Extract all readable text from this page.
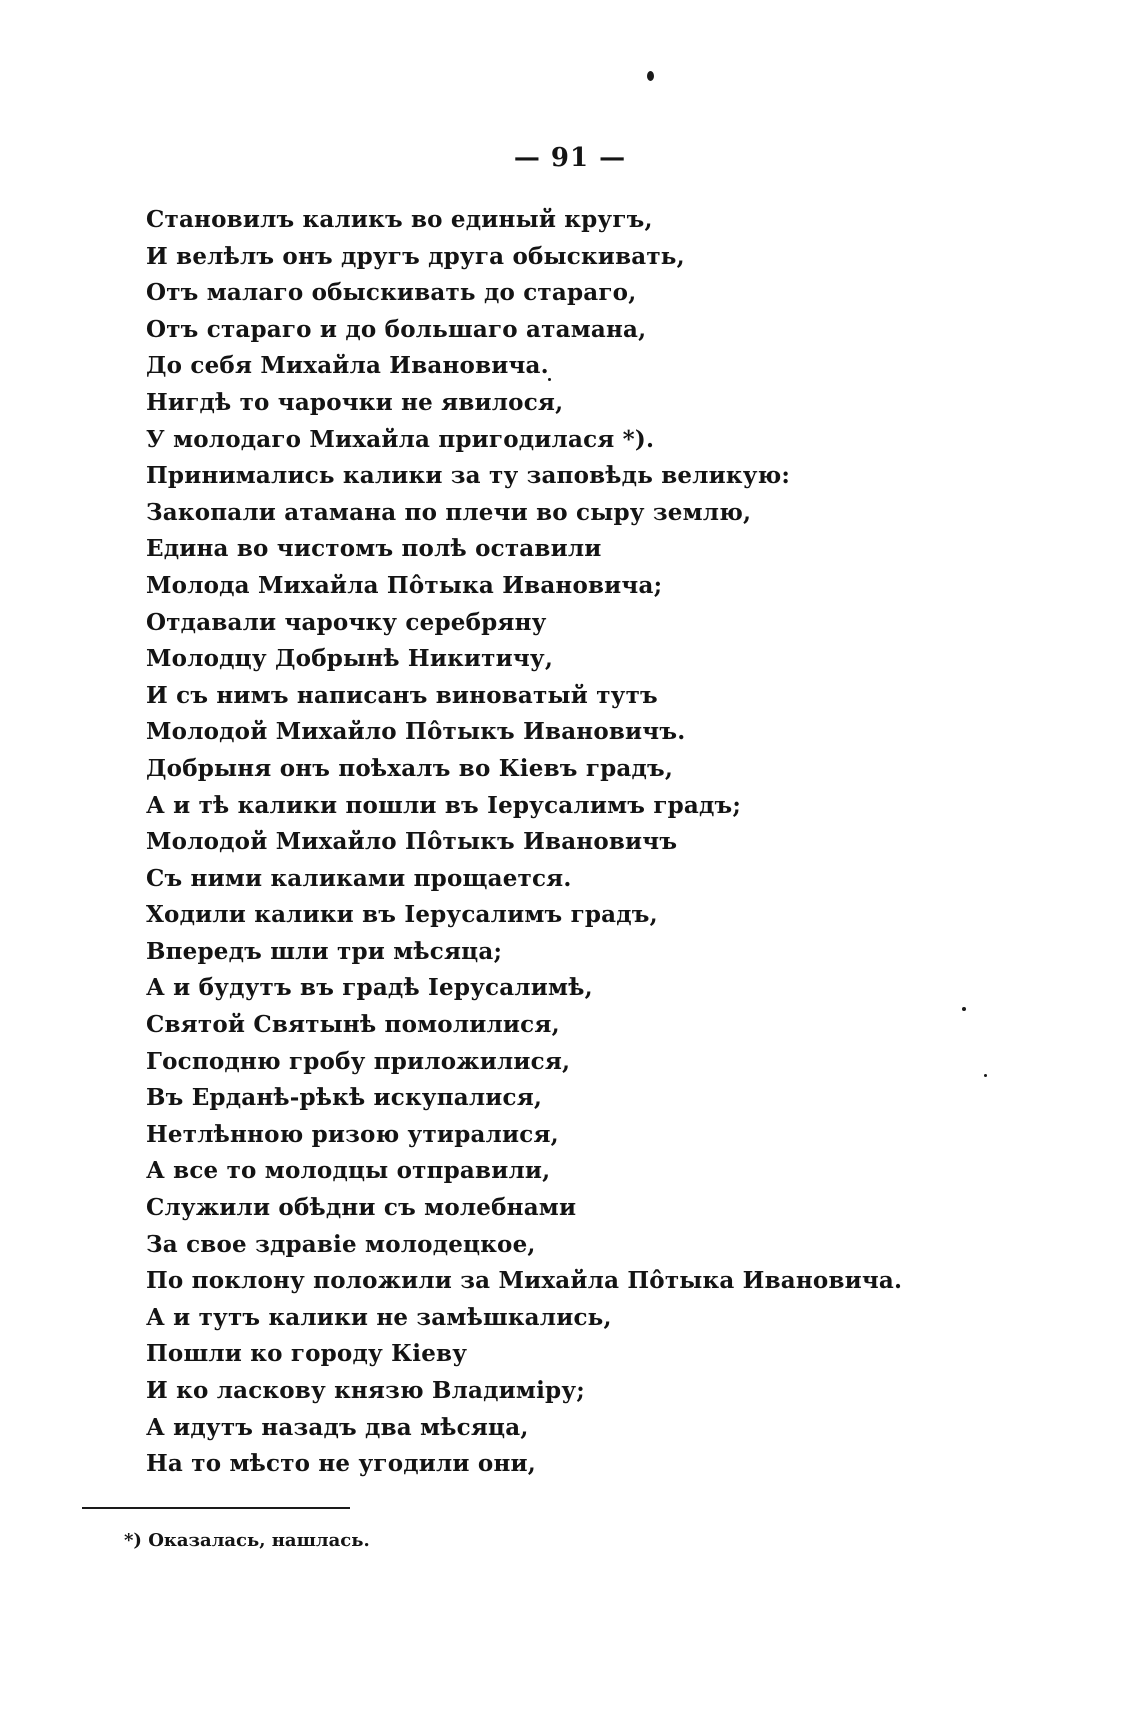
— 91 —
Становилъ каликъ во единый кругъ,
И велѣлъ онъ другъ друга обыскивать,
Отъ малаго обыскивать до стараго,
Отъ стараго и до большаго атамана,
До себя Михайла Ивановича.
Нигдѣ то чарочки не явилося,
У молодаго Михайла пригодилася *).
Принимались калики за ту заповѣдь великую:
Закопали атамана по плечи во сыру землю,
Едина во чистомъ полѣ оставили
Молода Михайла Пôтыка Ивановича;
Отдавали чарочку серебряну
Молодцу Добрынѣ Никитичу,
И съ нимъ написанъ виноватый тутъ
Молодой Михайло Пôтыкъ Ивановичъ.
Добрыня онъ поѣхалъ во Кіевъ градъ,
А и тѣ калики пошли въ Іерусалимъ градъ;
Молодой Михайло Пôтыкъ Ивановичъ
Съ ними каликами прощается.
Ходили калики въ Іерусалимъ градъ,
Впередъ шли три мѣсяца;
А и будутъ въ градѣ Іерусалимѣ,
Святой Святынѣ помолилися,
Господню гробу приложилися,
Въ Ерданѣ-рѣкѣ искупалися,
Нетлѣнною ризою утиралися,
А все то молодцы отправили,
Служили обѣдни съ молебнами
За свое здравіе молодецкое,
По поклону положили за Михайла Пôтыка Ивановича.
А и тутъ калики не замѣшкались,
Пошли ко городу Кіеву
И ко ласкову князю Владиміру;
А идутъ назадъ два мѣсяца,
На то мѣсто не угодили они,
*) Оказалась, нашлась.
